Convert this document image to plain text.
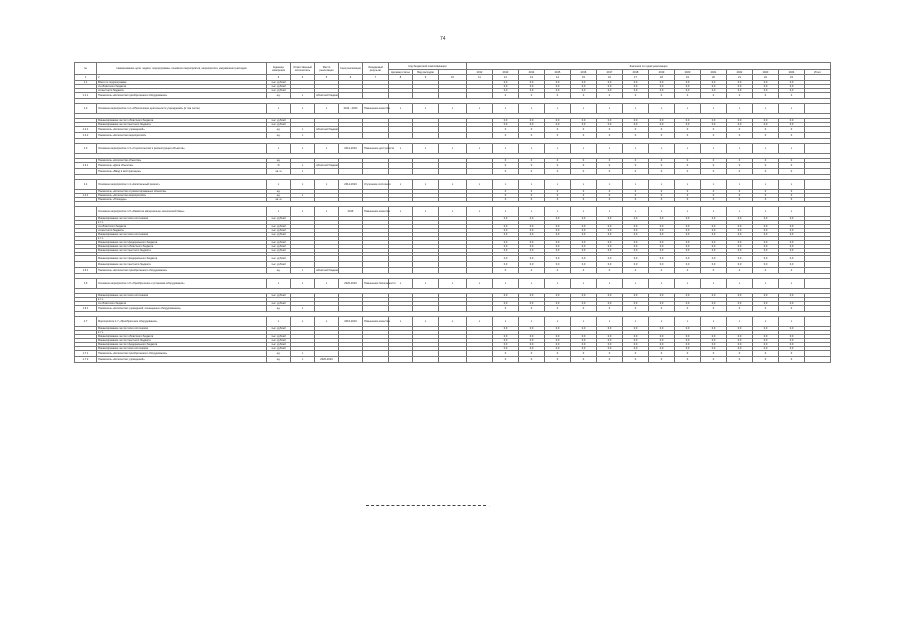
74
№	Наименование цели, задачи, подпрограммы, основного мероприятия, мероприятия, направления расходов	Единица измерения	Ответственный исполнитель	Место реализации	Срок реализации	Ожидаемый результат	Код бюджетной классификации			Значения по годам реализации													
							Целевая статья	Вид расходов		2012	2013	2014	2015	2016	2017	2018	2019	2020	2021	2022	2023	2024	Итого
1	2	3	4	5	6	7	8	9	10	11	12	13	14	15	16	17	18	19	20	21	22	23	
1.1	Всего по подпрограмме	тыс. рублей									0,0	0,0	0,0	0,0	0,0	0,0	0,0	0,0	0,0	0,0	0,0	0,0	
	из областного бюджета	тыс. рублей									0,0	0,0	0,0	0,0	0,0	0,0	0,0	0,0	0,0	0,0	0,0	0,0	
	из местного бюджета	тыс. рублей									0,0	0,0	0,0	0,0	0,0	0,0	0,0	0,0	0,0	0,0	0,0	0,0	
1.1.1	Показатель «Количество приобретенного оборудования»	ед.	х	областной бюджет							0	0	0	0	0	0	0	0	0	0	0	0	

1.2	Основное мероприятие 1.2 «Обеспечение деятельности учреждений» (в том числе)	х	х	х	2014 - 2024	Повышение качества	х	х	х	х	х	х	х	х	х	х	х	х	х	х	х	х	

	Финансирование за счет областного бюджета	тыс. рублей									0,0	0,0	0,0	0,0	0,0	0,0	0,0	0,0	0,0	0,0	0,0	0,0	
	Финансирование за счет местного бюджета	тыс. рублей									0,0	0,0	0,0	0,0	0,0	0,0	0,0	0,0	0,0	0,0	0,0	0,0	
1.2.1	Показатель «Количество учреждений»	ед.	х	областной бюджет							0	0	0	0	0	0	0	0	0	0	0	0	
1.2.2	Показатель «Количество мероприятий»	ед.	х								0	0	0	0	0	0	0	0	0	0	0	0	

1.3	Основное мероприятие 1.3 «Строительство и реконструкция объектов»	х	х	х	2014-2024	Повышение доступности	х	х	х	х	х	х	х	х	х	х	х	х	х	х	х	х	

	Показатель «Количество объектов»	ед.									0	0	0	0	0	0	0	0	0	0	0	0	
1.3.1	Показатель «Доля объектов»	%	х	областной бюджет							0	0	0	0	0	0	0	0	0	0	0	0	
	Показатель «Ввод в эксплуатацию»	кв. м	х								0	0	0	0	0	0	0	0	0	0	0	0	

1.4	Основное мероприятие 1.4 «Капитальный ремонт»	х	х	х	2014-2024	Улучшение состояния	х	х	х	х	х	х	х	х	х	х	х	х	х	х	х	х	
	Показатель «Количество отремонтированных объектов»	ед.									0	0	0	0	0	0	0	0	0	0	0	0	
1.4.1	Показатель «Количество мероприятий»	ед.	х								0	0	0	0	0	0	0	0	0	0	0	0	
	Показатель «Площадь»	кв. м									0	0	0	0	0	0	0	0	0	0	0	0	

	Основное мероприятие 1.5 «Развитие материально-технической базы»	х	х	х	2016	Повышение качества	х	х	х	х	х	х	х	х	х	х	х	х	х	х	х	х	
	Финансирование за счет всех источников	тыс. рублей									0,0	0,0	0,0	0,0	0,0	0,0	0,0	0,0	0,0	0,0	0,0	0,0	
	в т.ч.																						
	из областного бюджета	тыс. рублей									0,0	0,0	0,0	0,0	0,0	0,0	0,0	0,0	0,0	0,0	0,0	0,0	
	из местного бюджета	тыс. рублей									0,0	0,0	0,0	0,0	0,0	0,0	0,0	0,0	0,0	0,0	0,0	0,0	
	Финансирование за счет всех источников	тыс. рублей									0,0	0,0	0,0	0,0	0,0	0,0	0,0	0,0	0,0	0,0	0,0	0,0	
	в т.ч.																						
	Финансирование за счет федерального бюджета	тыс. рублей									0,0	0,0	0,0	0,0	0,0	0,0	0,0	0,0	0,0	0,0	0,0	0,0	
	Финансирование за счет областного бюджета	тыс. рублей									0,0	0,0	0,0	0,0	0,0	0,0	0,0	0,0	0,0	0,0	0,0	0,0	
	Финансирование за счет местного бюджета	тыс. рублей									0,0	0,0	0,0	0,0	0,0	0,0	0,0	0,0	0,0	0,0	0,0	0,0	

	Финансирование за счет федерального бюджета	тыс. рублей									0,0	0,0	0,0	0,0	0,0	0,0	0,0	0,0	0,0	0,0	0,0	0,0	
	Финансирование за счет местного бюджета	тыс. рублей									0,0	0,0	0,0	0,0	0,0	0,0	0,0	0,0	0,0	0,0	0,0	0,0	
1.5.1	Показатель «Количество приобретенного оборудования»	ед.	х	областной бюджет							0	0	0	0	0	0	0	0	0	0	0	0	

1.6	Основное мероприятие 1.6 «Приобретение и установка оборудования»	х	х	х	2020-2024	Повышение безопасности	х	х	х	х	х	х	х	х	х	х	х	х	х	х	х	х	

	Финансирование за счет всех источников	тыс. рублей									0,0	0,0	0,0	0,0	0,0	0,0	0,0	0,0	0,0	0,0	0,0	0,0	
	в т.ч.																						
	из областного бюджета	тыс. рублей									0,0	0,0	0,0	0,0	0,0	0,0	0,0	0,0	0,0	0,0	0,0	0,0	
1.6.1	Показатель «Количество учреждений, оснащенных оборудованием»	ед.	х								0	0	0	0	0	0	0	0	0	0	0	0	

1.7	Мероприятие 1.7 «Приобретение оборудования»	х	х	х	2016-2024	Повышение качества	х	х	х	х	х	х	х	х	х	х	х	х	х	х	х	х	
	Финансирование за счет всех источников	тыс. рублей									0,0	0,0	0,0	0,0	0,0	0,0	0,0	0,0	0,0	0,0	0,0	0,0	
	в т.ч.																						
	Финансирование за счет областного бюджета	тыс. рублей									0,0	0,0	0,0	0,0	0,0	0,0	0,0	0,0	0,0	0,0	0,0	0,0	
	Финансирование за счет местного бюджета	тыс. рублей									0,0	0,0	0,0	0,0	0,0	0,0	0,0	0,0	0,0	0,0	0,0	0,0	
	Финансирование за счет федерального бюджета	тыс. рублей									0,0	0,0	0,0	0,0	0,0	0,0	0,0	0,0	0,0	0,0	0,0	0,0	
	Финансирование за счет всех источников	тыс. рублей									0,0	0,0	0,0	0,0	0,0	0,0	0,0	0,0	0,0	0,0	0,0	0,0	
1.7.1	Показатель «Количество приобретенного оборудования»	ед.	х								0	0	0	0	0	0	0	0	0	0	0	0	
1.7.2	Показатель «Количество учреждений»	ед.	х	2020-2024							0	0	0	0	0	0	0	0	0	0	0	0	
.
